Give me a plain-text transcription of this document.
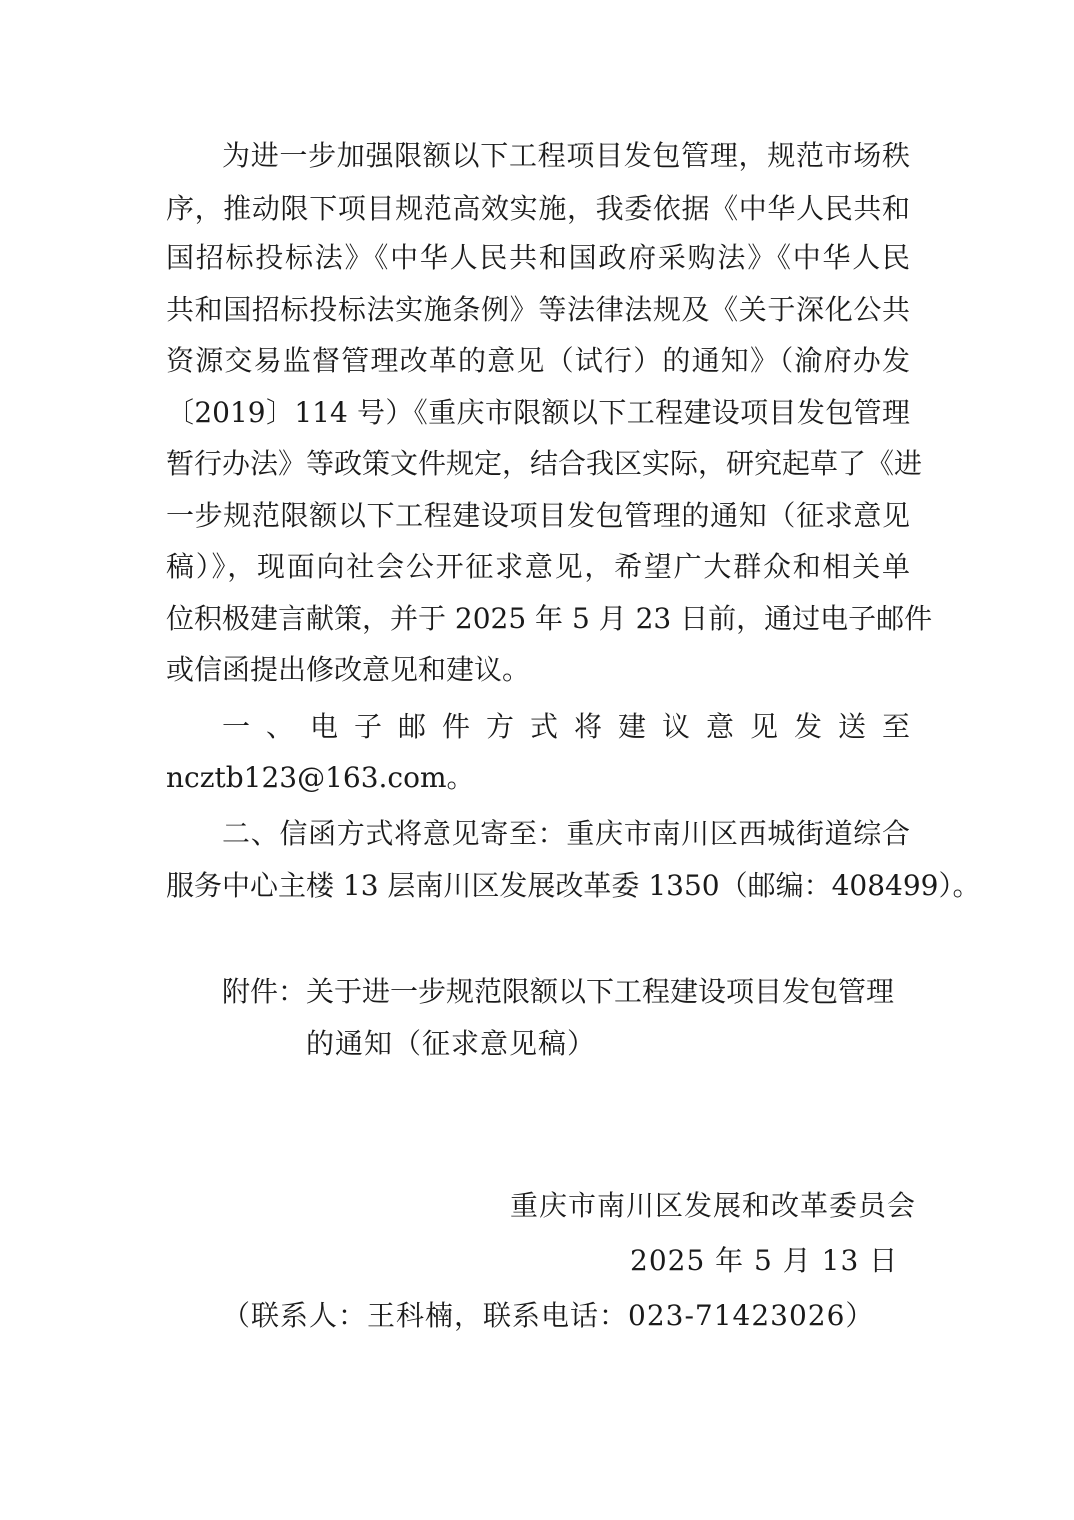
为进一步加强限额以下工程项目发包管理，规范市场秩
序，推动限下项目规范高效实施，我委依据《中华人民共和
国招标投标法》《中华人民共和国政府采购法》《中华人民
共和国招标投标法实施条例》等法律法规及《关于深化公共
资源交易监督管理改革的意见（试行）的通知》（渝府办发
〔2019〕114 号）《重庆市限额以下工程建设项目发包管理
暂行办法》等政策文件规定，结合我区实际，研究起草了《进
一步规范限额以下工程建设项目发包管理的通知（征求意见
稿）》，现面向社会公开征求意见，希望广大群众和相关单
位积极建言献策，并于 2025 年 5 月 23 日前，通过电子邮件
或信函提出修改意见和建议。
一、电子邮件方式将建议意见发送至
ncztb123@163.com。
二、信函方式将意见寄至：重庆市南川区西城街道综合
服务中心主楼 13 层南川区发展改革委 1350（邮编：408499）。
附件：关于进一步规范限额以下工程建设项目发包管理
的通知（征求意见稿）
重庆市南川区发展和改革委员会
2025 年 5 月 13 日
（联系人：王科楠，联系电话：023-71423026）
